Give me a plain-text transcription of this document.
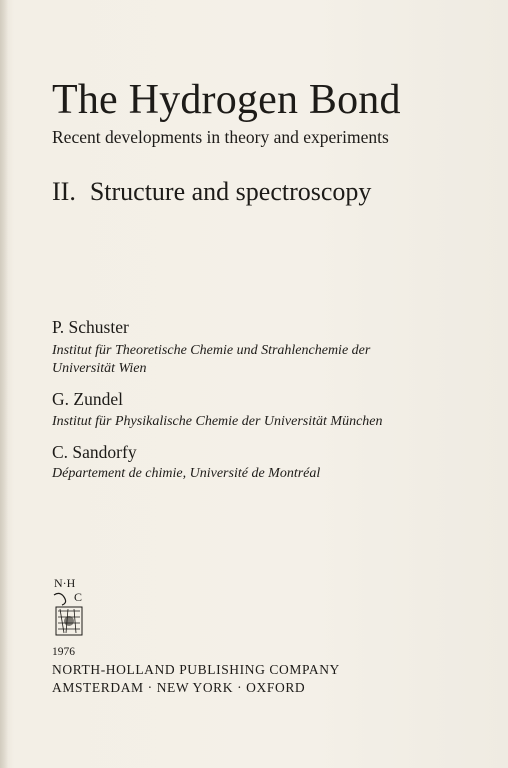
The Hydrogen Bond
Recent developments in theory and experiments
II. Structure and spectroscopy
P. Schuster
Institut für Theoretische Chemie und Strahlenchemie der Universität Wien
G. Zundel
Institut für Physikalische Chemie der Universität München
C. Sandorfy
Département de chimie, Université de Montréal
N·H
C
1976
NORTH-HOLLAND PUBLISHING COMPANY
AMSTERDAM · NEW YORK · OXFORD
